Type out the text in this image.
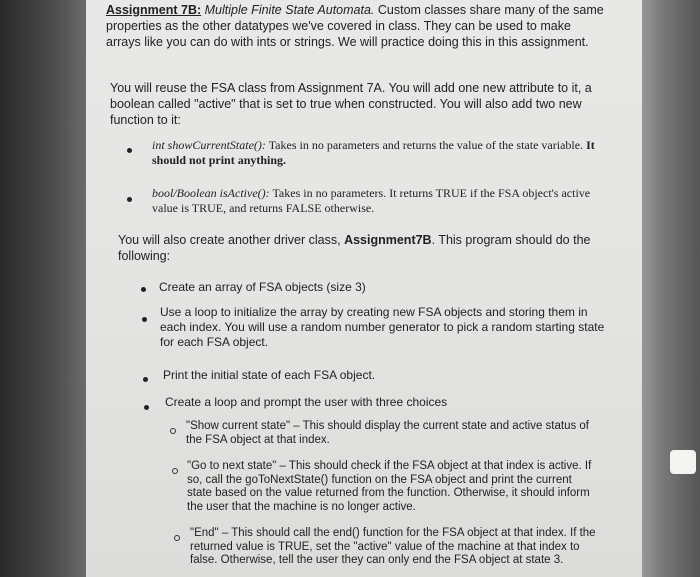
Assignment 7B: Multiple Finite State Automata. Custom classes share many of the same properties as the other datatypes we've covered in class. They can be used to make arrays like you can do with ints or strings. We will practice doing this in this assignment.
You will reuse the FSA class from Assignment 7A. You will add one new attribute to it, a boolean called "active" that is set to true when constructed. You will also add two new function to it:
int showCurrentState(): Takes in no parameters and returns the value of the state variable. It should not print anything.
bool/Boolean isActive(): Takes in no parameters. It returns TRUE if the FSA object's active value is TRUE, and returns FALSE otherwise.
You will also create another driver class, Assignment7B. This program should do the following:
Create an array of FSA objects (size 3)
Use a loop to initialize the array by creating new FSA objects and storing them in each index. You will use a random number generator to pick a random starting state for each FSA object.
Print the initial state of each FSA object.
Create a loop and prompt the user with three choices
"Show current state" – This should display the current state and active status of the FSA object at that index.
"Go to next state" – This should check if the FSA object at that index is active. If so, call the goToNextState() function on the FSA object and print the current state based on the value returned from the function. Otherwise, it should inform the user that the machine is no longer active.
"End" – This should call the end() function for the FSA object at that index. If the returned value is TRUE, set the "active" value of the machine at that index to false. Otherwise, tell the user they can only end the FSA object at state 3.
